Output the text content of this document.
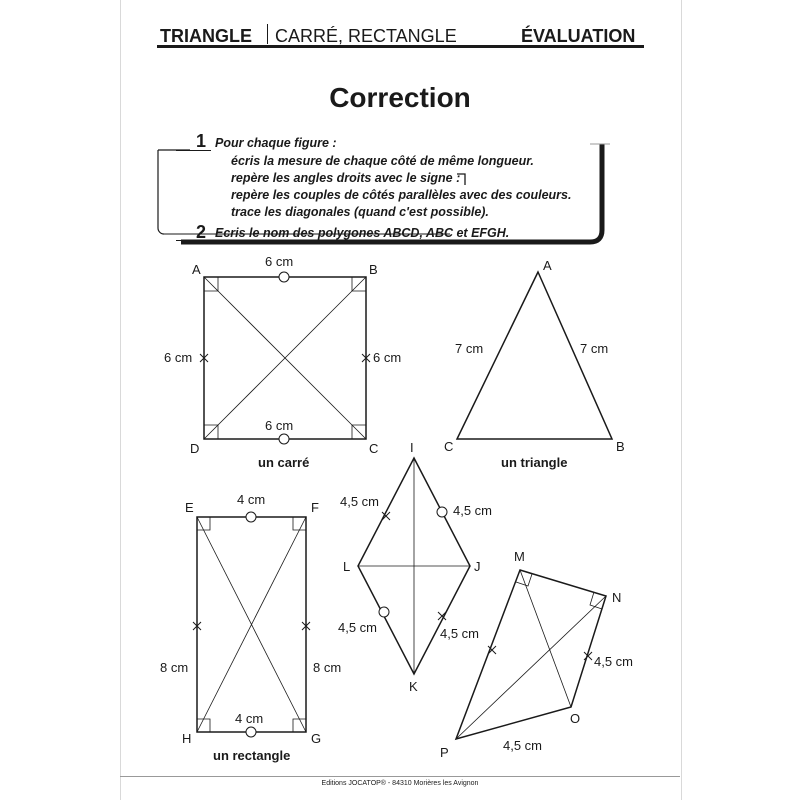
TRIANGLE CARRÉ, RECTANGLE	ÉVALUATION
Correction
1 Pour chaque figure :
écris la mesure de chaque côté de même longueur.
repère les angles droits avec le signe :
repère les couples de côtés parallèles avec des couleurs.
trace les diagonales (quand c'est possible).
2 Ecris le nom des polygones ABCD, ABC et EFGH.
A	B
C
D
6 cm
6 cm
6 cm
6 cm
un carré
A
B
C
7 cm	7 cm
un triangle
E	F
G
H
4 cm
4 cm
8 cm	8 cm
un rectangle
I
J
K
L
4,5 cm
4,5 cm
4,5 cm	4,5 cm
M
N
O
P
4,5 cm
4,5 cm
Editions JOCATOP® - 84310 Morières les Avignon
